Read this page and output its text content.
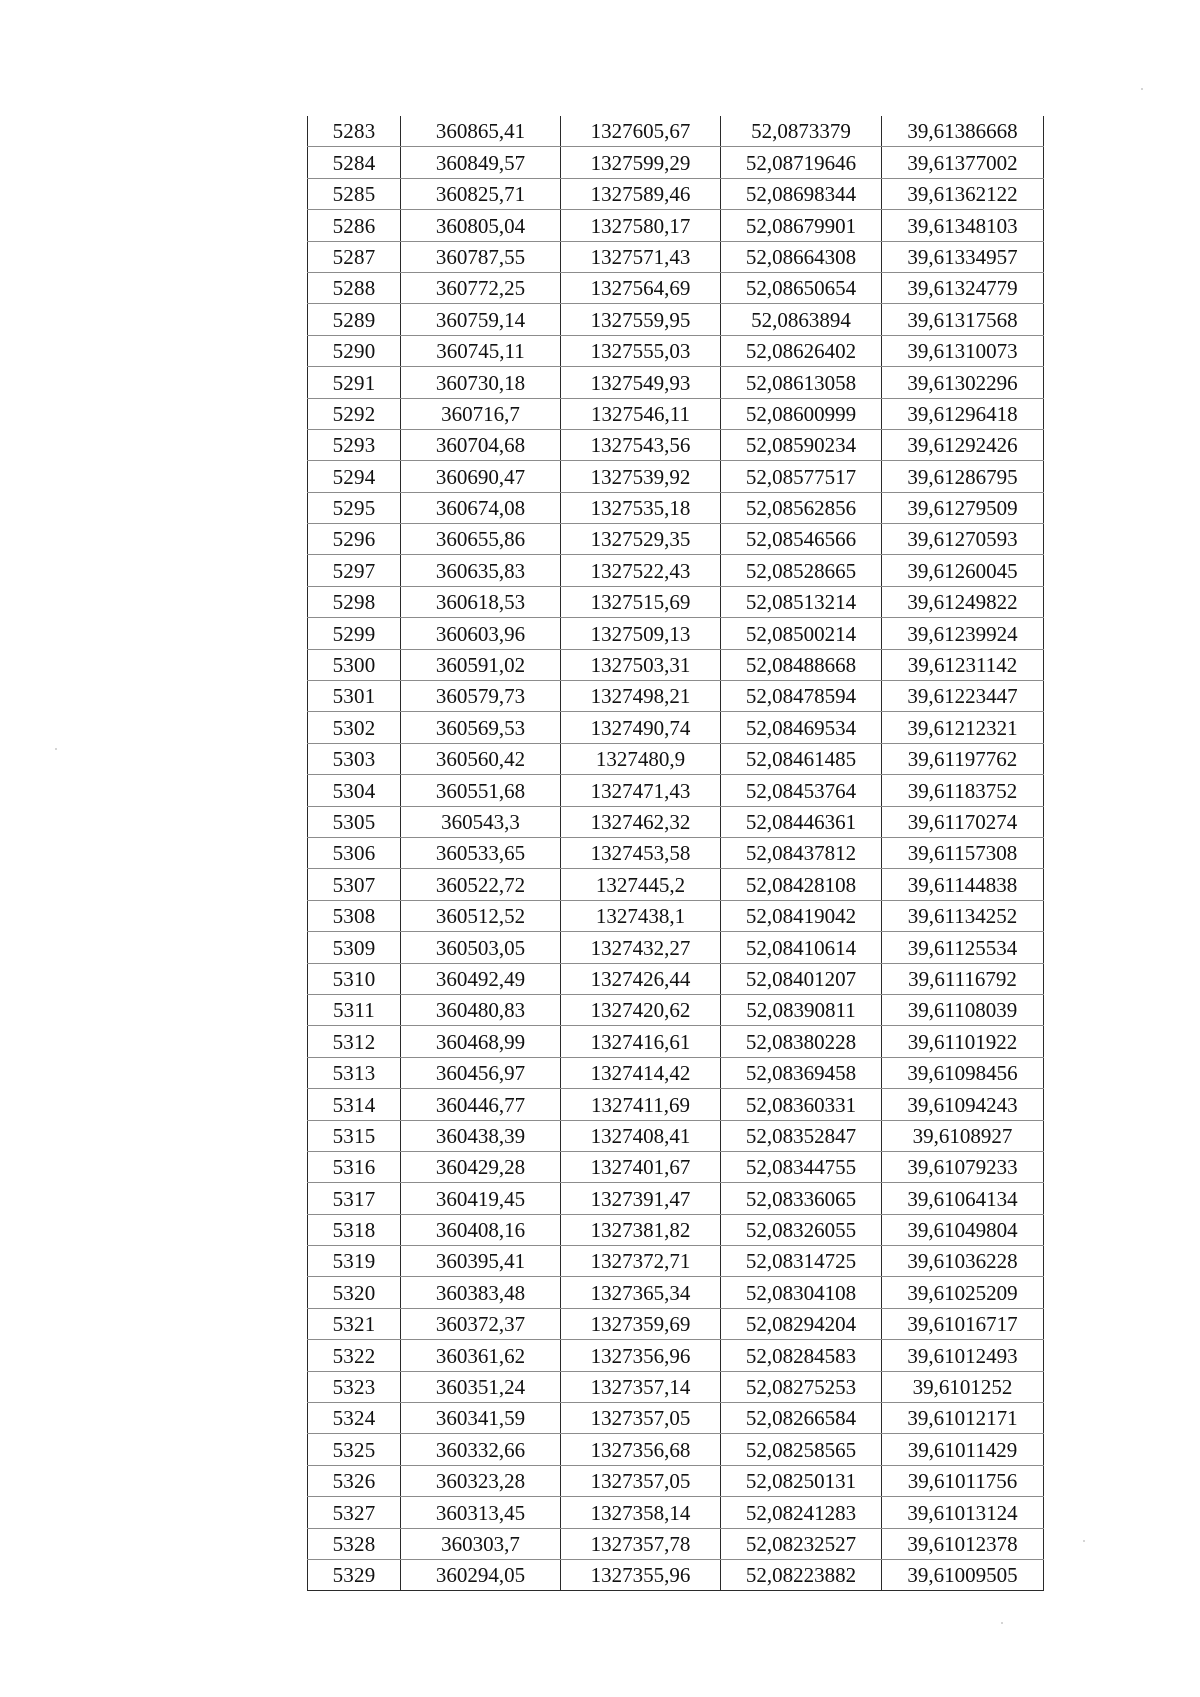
5283	360865,41	1327605,67	52,0873379	39,61386668
5284	360849,57	1327599,29	52,08719646	39,61377002
5285	360825,71	1327589,46	52,08698344	39,61362122
5286	360805,04	1327580,17	52,08679901	39,61348103
5287	360787,55	1327571,43	52,08664308	39,61334957
5288	360772,25	1327564,69	52,08650654	39,61324779
5289	360759,14	1327559,95	52,0863894	39,61317568
5290	360745,11	1327555,03	52,08626402	39,61310073
5291	360730,18	1327549,93	52,08613058	39,61302296
5292	360716,7	1327546,11	52,08600999	39,61296418
5293	360704,68	1327543,56	52,08590234	39,61292426
5294	360690,47	1327539,92	52,08577517	39,61286795
5295	360674,08	1327535,18	52,08562856	39,61279509
5296	360655,86	1327529,35	52,08546566	39,61270593
5297	360635,83	1327522,43	52,08528665	39,61260045
5298	360618,53	1327515,69	52,08513214	39,61249822
5299	360603,96	1327509,13	52,08500214	39,61239924
5300	360591,02	1327503,31	52,08488668	39,61231142
5301	360579,73	1327498,21	52,08478594	39,61223447
5302	360569,53	1327490,74	52,08469534	39,61212321
5303	360560,42	1327480,9	52,08461485	39,61197762
5304	360551,68	1327471,43	52,08453764	39,61183752
5305	360543,3	1327462,32	52,08446361	39,61170274
5306	360533,65	1327453,58	52,08437812	39,61157308
5307	360522,72	1327445,2	52,08428108	39,61144838
5308	360512,52	1327438,1	52,08419042	39,61134252
5309	360503,05	1327432,27	52,08410614	39,61125534
5310	360492,49	1327426,44	52,08401207	39,61116792
5311	360480,83	1327420,62	52,08390811	39,61108039
5312	360468,99	1327416,61	52,08380228	39,61101922
5313	360456,97	1327414,42	52,08369458	39,61098456
5314	360446,77	1327411,69	52,08360331	39,61094243
5315	360438,39	1327408,41	52,08352847	39,6108927
5316	360429,28	1327401,67	52,08344755	39,61079233
5317	360419,45	1327391,47	52,08336065	39,61064134
5318	360408,16	1327381,82	52,08326055	39,61049804
5319	360395,41	1327372,71	52,08314725	39,61036228
5320	360383,48	1327365,34	52,08304108	39,61025209
5321	360372,37	1327359,69	52,08294204	39,61016717
5322	360361,62	1327356,96	52,08284583	39,61012493
5323	360351,24	1327357,14	52,08275253	39,6101252
5324	360341,59	1327357,05	52,08266584	39,61012171
5325	360332,66	1327356,68	52,08258565	39,61011429
5326	360323,28	1327357,05	52,08250131	39,61011756
5327	360313,45	1327358,14	52,08241283	39,61013124
5328	360303,7	1327357,78	52,08232527	39,61012378
5329	360294,05	1327355,96	52,08223882	39,61009505
